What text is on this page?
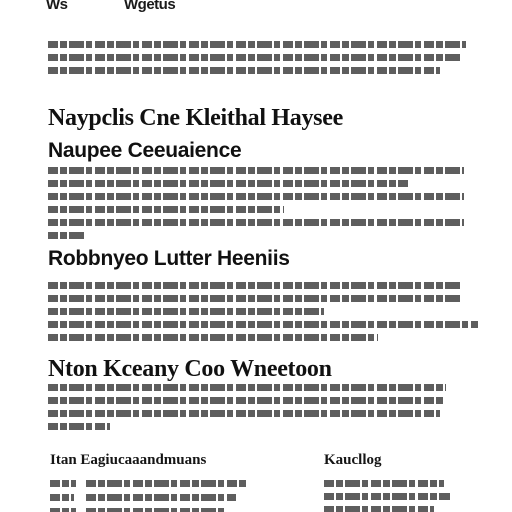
Ws	Wgetus
Naypclis Cne Kleithal Haysee
Naupee Ceeuaience
Robbnyeo Lutter Heeniis
Nton Kceany Coo Wneetoon
Itan Eagiucaaandmuans	Kaucllog
